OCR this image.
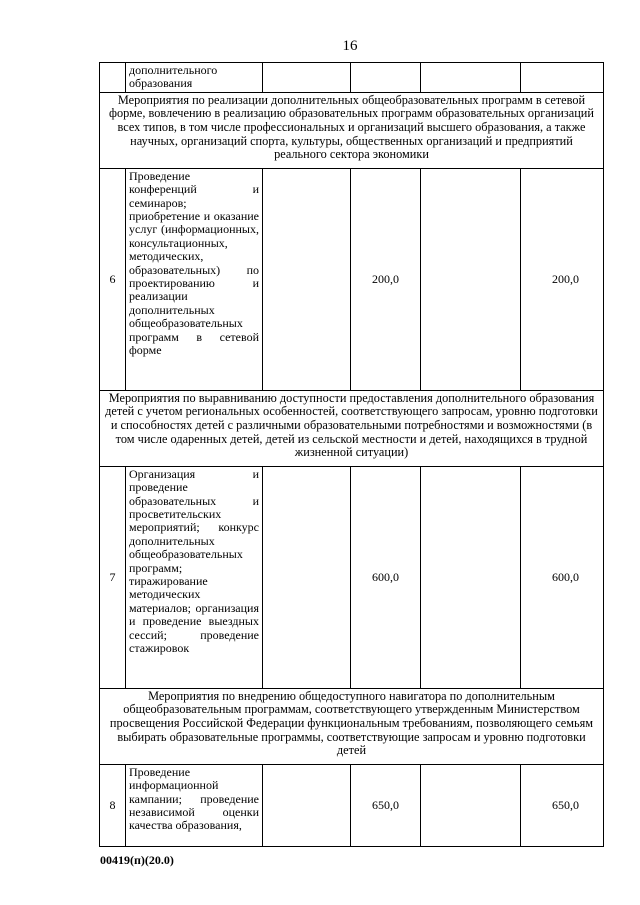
16
	дополнительного образования				
Мероприятия по реализации дополнительных общеобразовательных программ в сетевой форме, вовлечению в реализацию образовательных программ образовательных организаций всех типов, в том числе профессиональных и организаций высшего образования, а также научных, организаций спорта, культуры, общественных организаций и предприятий реального сектора экономики					
6	Проведение конференций и семинаров; приобретение и оказание услуг (информационных, консультационных, методических, образовательных) по проектированию и реализации дополнительных общеобразовательных программ в сетевой форме		200,0		200,0
Мероприятия по выравниванию доступности предоставления дополнительного образования детей с учетом региональных особенностей, соответствующего запросам, уровню подготовки и способностях детей с различными образовательными потребностями и возможностями (в том числе одаренных детей, детей из сельской местности и детей, находящихся в трудной жизненной ситуации)					
7	Организация и проведение образовательных и просветительских мероприятий; конкурс дополнительных общеобразовательных программ; тиражирование методических материалов; организация и проведение выездных сессий; проведение стажировок		600,0		600,0
Мероприятия по внедрению общедоступного навигатора по дополнительным общеобразовательным программам, соответствующего утвержденным Министерством просвещения Российской Федерации функциональным требованиям, позволяющего семьям выбирать образовательные программы, соответствующие запросам и уровню подготовки детей					
8	Проведение информационной кампании; проведение независимой оценки качества образования,		650,0		650,0
00419(п)(20.0)
